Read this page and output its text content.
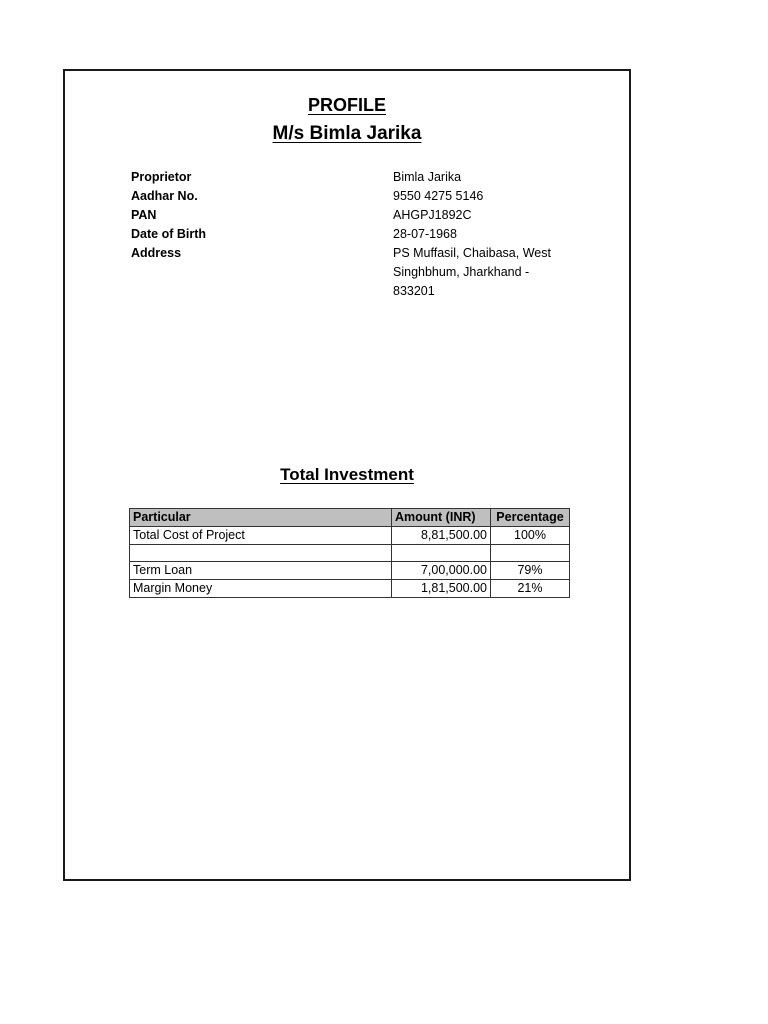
PROFILE
M/s Bimla Jarika
Proprietor	Bimla Jarika
Aadhar No.	9550 4275 5146
PAN	AHGPJ1892C
Date of Birth	28-07-1968
Address	PS Muffasil, Chaibasa, West Singhbhum, Jharkhand - 833201
Total Investment
Particular	Amount (INR)	Percentage
Total Cost of Project	8,81,500.00	100%

Term Loan	7,00,000.00	79%
Margin Money	1,81,500.00	21%
